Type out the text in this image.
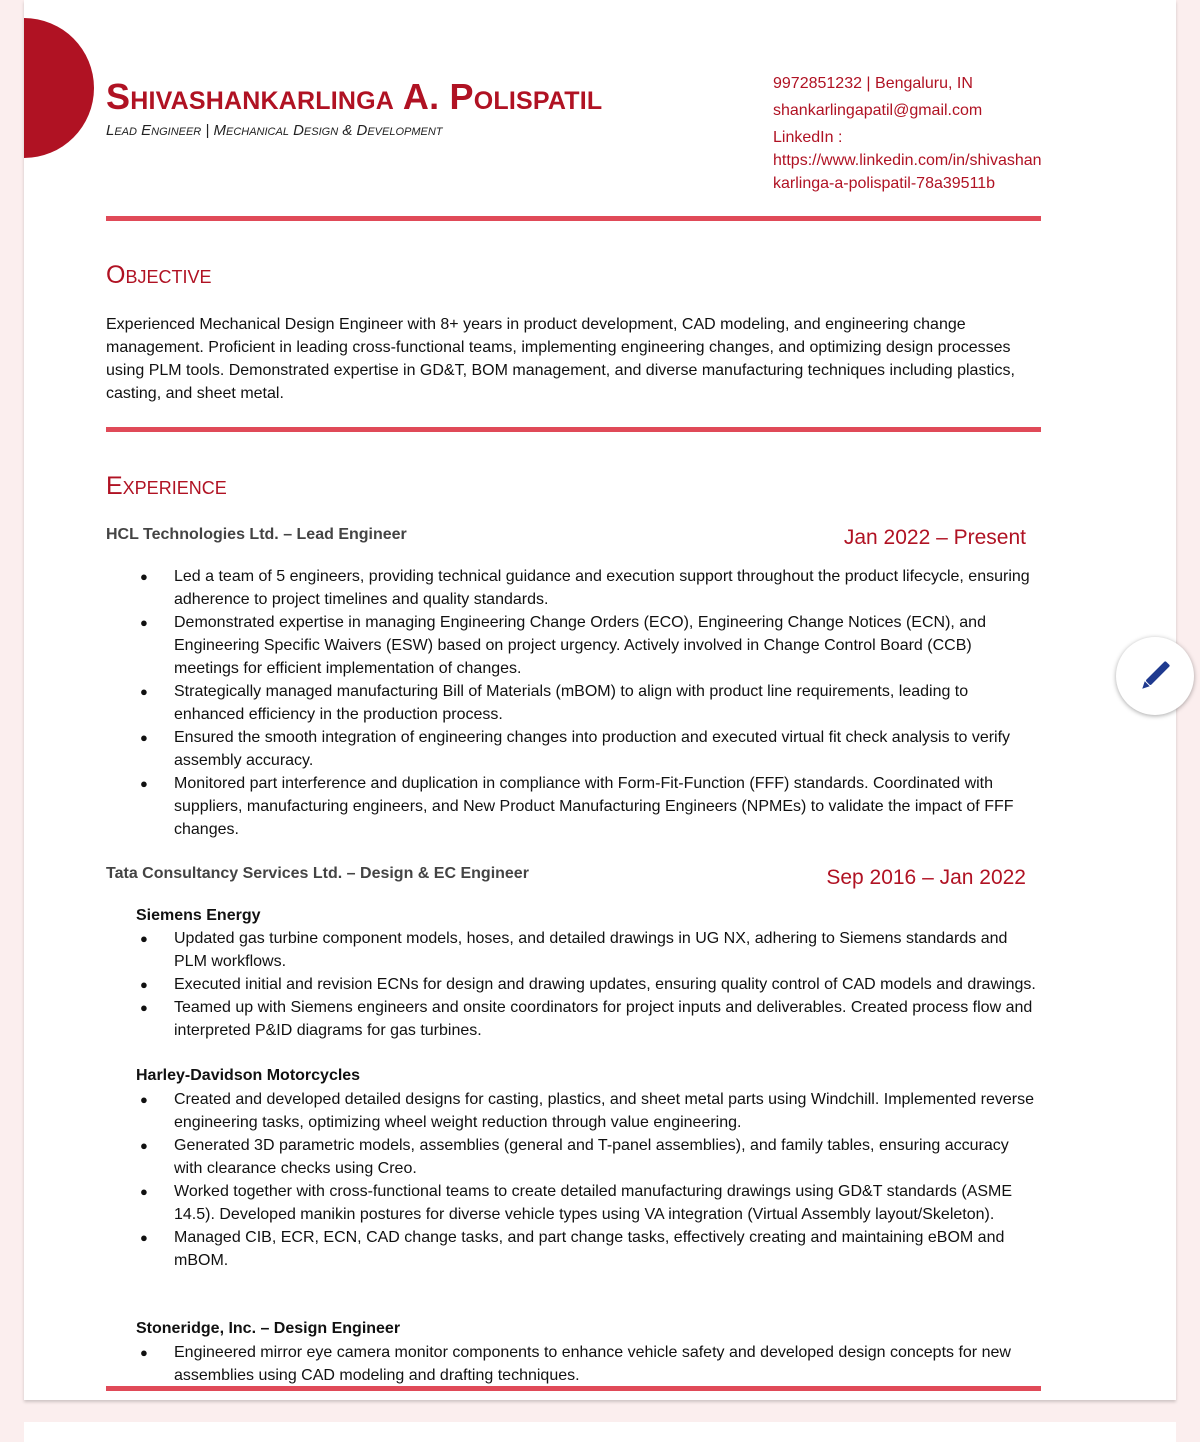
Shivashankarlinga A. Polispatil
Lead Engineer | Mechanical Design & Development
9972851232 | Bengaluru, IN
shankarlingapatil@gmail.com
LinkedIn :
https://www.linkedin.com/in/shivashankarlinga-a-polispatil-78a39511b
Objective

Experienced Mechanical Design Engineer with 8+ years in product development, CAD modeling, and engineering change management. Proficient in leading cross-functional teams, implementing engineering changes, and optimizing design processes using PLM tools. Demonstrated expertise in GD&T, BOM management, and diverse manufacturing techniques including plastics, casting, and sheet metal.

Experience
HCL Technologies Ltd. – Lead Engineer	Jan 2022 – Present
● Led a team of 5 engineers, providing technical guidance and execution support throughout the product lifecycle, ensuring adherence to project timelines and quality standards.
● Demonstrated expertise in managing Engineering Change Orders (ECO), Engineering Change Notices (ECN), and Engineering Specific Waivers (ESW) based on project urgency. Actively involved in Change Control Board (CCB) meetings for efficient implementation of changes.
● Strategically managed manufacturing Bill of Materials (mBOM) to align with product line requirements, leading to enhanced efficiency in the production process.
● Ensured the smooth integration of engineering changes into production and executed virtual fit check analysis to verify assembly accuracy.
● Monitored part interference and duplication in compliance with Form-Fit-Function (FFF) standards. Coordinated with suppliers, manufacturing engineers, and New Product Manufacturing Engineers (NPMEs) to validate the impact of FFF changes.
Tata Consultancy Services Ltd. – Design & EC Engineer	Sep 2016 – Jan 2022
Siemens Energy
● Updated gas turbine component models, hoses, and detailed drawings in UG NX, adhering to Siemens standards and PLM workflows.
● Executed initial and revision ECNs for design and drawing updates, ensuring quality control of CAD models and drawings.
● Teamed up with Siemens engineers and onsite coordinators for project inputs and deliverables. Created process flow and interpreted P&ID diagrams for gas turbines.
Harley-Davidson Motorcycles
● Created and developed detailed designs for casting, plastics, and sheet metal parts using Windchill. Implemented reverse engineering tasks, optimizing wheel weight reduction through value engineering.
● Generated 3D parametric models, assemblies (general and T-panel assemblies), and family tables, ensuring accuracy with clearance checks using Creo.
● Worked together with cross-functional teams to create detailed manufacturing drawings using GD&T standards (ASME 14.5). Developed manikin postures for diverse vehicle types using VA integration (Virtual Assembly layout/Skeleton).
● Managed CIB, ECR, ECN, CAD change tasks, and part change tasks, effectively creating and maintaining eBOM and mBOM.
Stoneridge, Inc. – Design Engineer
● Engineered mirror eye camera monitor components to enhance vehicle safety and developed design concepts for new assemblies using CAD modeling and drafting techniques.
